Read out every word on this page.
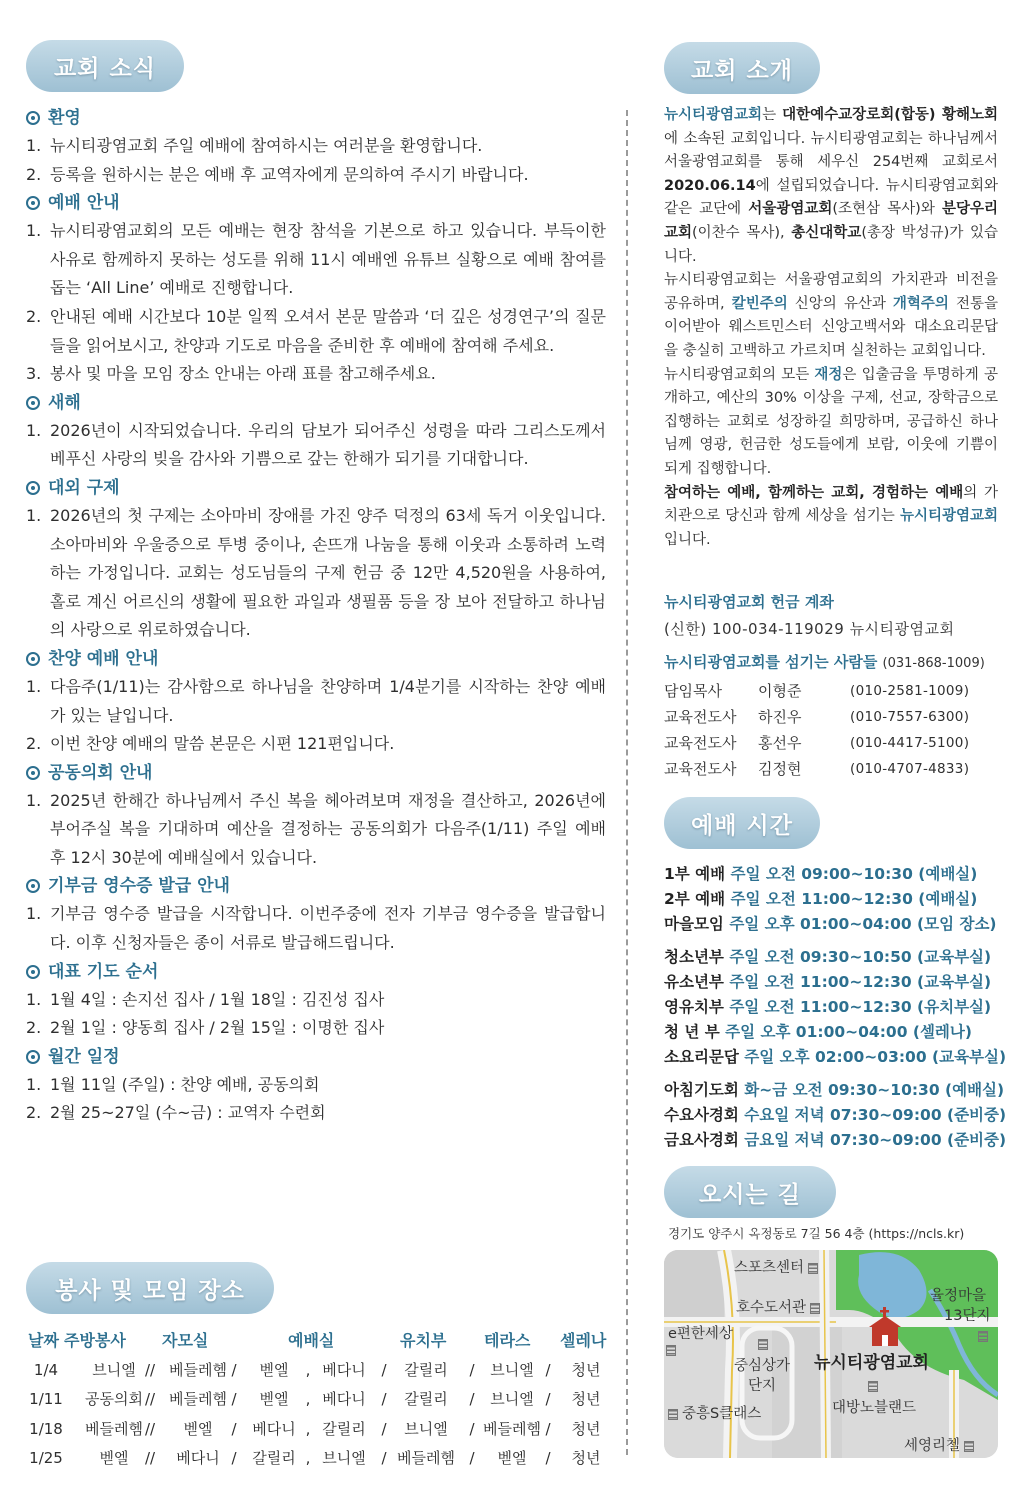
교회 소식
환영
1. 뉴시티광염교회 주일 예배에 참여하시는 여러분을 환영합니다.
2. 등록을 원하시는 분은 예배 후 교역자에게 문의하여 주시기 바랍니다.
예배 안내
1. 뉴시티광염교회의 모든 예배는 현장 참석을 기본으로 하고 있습니다. 부득이한 사유로 함께하지 못하는 성도를 위해 11시 예배엔 유튜브 실황으로 예배 참여를 돕는 ‘All Line’ 예배로 진행합니다.
2. 안내된 예배 시간보다 10분 일찍 오셔서 본문 말씀과 ‘더 깊은 성경연구’의 질문들을 읽어보시고, 찬양과 기도로 마음을 준비한 후 예배에 참여해 주세요.
3. 봉사 및 마을 모임 장소 안내는 아래 표를 참고해주세요.
새해
1. 2026년이 시작되었습니다. 우리의 담보가 되어주신 성령을 따라 그리스도께서 베푸신 사랑의 빚을 감사와 기쁨으로 갚는 한해가 되기를 기대합니다.
대외 구제
1. 2026년의 첫 구제는 소아마비 장애를 가진 양주 덕정의 63세 독거 이웃입니다. 소아마비와 우울증으로 투병 중이나, 손뜨개 나눔을 통해 이웃과 소통하려 노력하는 가정입니다. 교회는 성도님들의 구제 헌금 중 12만 4,520원을 사용하여, 홀로 계신 어르신의 생활에 필요한 과일과 생필품 등을 장 보아 전달하고 하나님의 사랑으로 위로하였습니다.
찬양 예배 안내
1. 다음주(1/11)는 감사함으로 하나님을 찬양하며 1/4분기를 시작하는 찬양 예배가 있는 날입니다.
2. 이번 찬양 예배의 말씀 본문은 시편 121편입니다.
공동의회 안내
1. 2025년 한해간 하나님께서 주신 복을 헤아려보며 재정을 결산하고, 2026년에 부어주실 복을 기대하며 예산을 결정하는 공동의회가 다음주(1/11) 주일 예배 후 12시 30분에 예배실에서 있습니다.
기부금 영수증 발급 안내
1. 기부금 영수증 발급을 시작합니다. 이번주중에 전자 기부금 영수증을 발급합니다. 이후 신청자들은 종이 서류로 발급해드립니다.
대표 기도 순서
1. 1월 4일 : 손지선 집사 / 1월 18일 : 김진성 집사
2. 2월 1일 : 양동희 집사 / 2월 15일 : 이명한 집사
월간 일정
1. 1월 11일 (주일) : 찬양 예배, 공동의회
2. 2월 25~27일 (수~금) : 교역자 수련회
봉사 및 모임 장소
날짜 주방봉사 자모실	예배실	유치부 테라스 셀레나
1/4 브니엘 // 베들레헴 / 벧엘 , 베다니 / 갈릴리 / 브니엘 / 청년
1/11 공동의회 // 베들레헴 / 벧엘 , 베다니 / 갈릴리 / 브니엘 / 청년
1/18 베들레헴 // 벧엘 / 베다니 , 갈릴리 / 브니엘 / 베들레헴 / 청년
1/25 벧엘 // 베다니 / 갈릴리 , 브니엘 / 베들레헴 / 벧엘 / 청년
교회 소개

뉴시티광염교회는 대한예수교장로회(합동) 황해노회에 소속된 교회입니다. 뉴시티광염교회는 하나님께서 서울광염교회를 통해 세우신 254번째 교회로서 2020.06.14에 설립되었습니다. 뉴시티광염교회와 같은 교단에 서울광염교회(조현삼 목사)와 분당우리교회(이찬수 목사), 총신대학교(총장 박성규)가 있습니다.

뉴시티광염교회는 서울광염교회의 가치관과 비전을 공유하며, 칼빈주의 신앙의 유산과 개혁주의 전통을 이어받아 웨스트민스터 신앙고백서와 대소요리문답을 충실히 고백하고 가르치며 실천하는 교회입니다.

뉴시티광염교회의 모든 재정은 입출금을 투명하게 공개하고, 예산의 30% 이상을 구제, 선교, 장학금으로 집행하는 교회로 성장하길 희망하며, 공급하신 하나님께 영광, 헌금한 성도들에게 보람, 이웃에 기쁨이 되게 집행합니다.

참여하는 예배, 함께하는 교회, 경험하는 예배의 가치관으로 당신과 함께 세상을 섬기는 뉴시티광염교회입니다.

뉴시티광염교회 헌금 계좌
(신한) 100-034-119029 뉴시티광염교회
뉴시티광염교회를 섬기는 사람들 (031-868-1009)
담임목사 이형준	(010-2581-1009)
교육전도사 하진우	(010-7557-6300)
교육전도사 홍선우	(010-4417-5100)
교육전도사 김정현	(010-4707-4833)
예배 시간
1부 예배 주일 오전 09:00~10:30 (예배실)
2부 예배 주일 오전 11:00~12:30 (예배실)
마을모임 주일 오후 01:00~04:00 (모임 장소)
청소년부 주일 오전 09:30~10:50 (교육부실)
유소년부 주일 오전 11:00~12:30 (교육부실)
영유치부 주일 오전 11:00~12:30 (유치부실)
청 년 부 주일 오후 01:00~04:00 (셀레나)
소요리문답 주일 오후 02:00~03:00 (교육부실)
아침기도회 화~금 오전 09:30~10:30 (예배실)
수요사경회 수요일 저녁 07:30~09:00 (준비중)
금요사경회 금요일 저녁 07:30~09:00 (준비중)
오시는 길
경기도 양주시 옥정동로 7길 56 4층 (https://ncls.kr)
스포츠센터
호수도서관
e편한세상
중심상가
단지
중흥S클래스
뉴시티광염교회
대방노블랜드
율정마을
13단지
세영리첼
